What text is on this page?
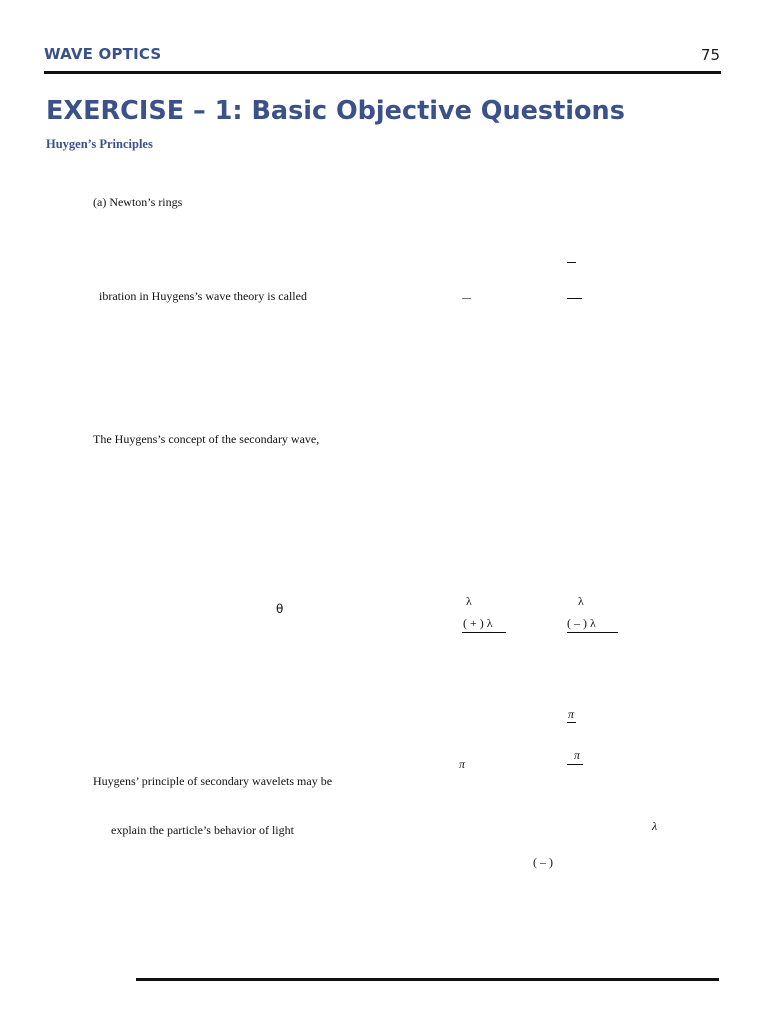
WAVE OPTICS	75
EXERCISE – 1: Basic Objective Questions
Huygen’s Principles
(a) Newton’s rings
ibration in Huygens’s wave theory is called
The Huygens’s concept of the secondary wave,
θ
λ	λ
( + ) λ	( – ) λ
π
π
π
Huygens’ principle of secondary wavelets may be
explain the particle’s behavior of light	λ
( – )
